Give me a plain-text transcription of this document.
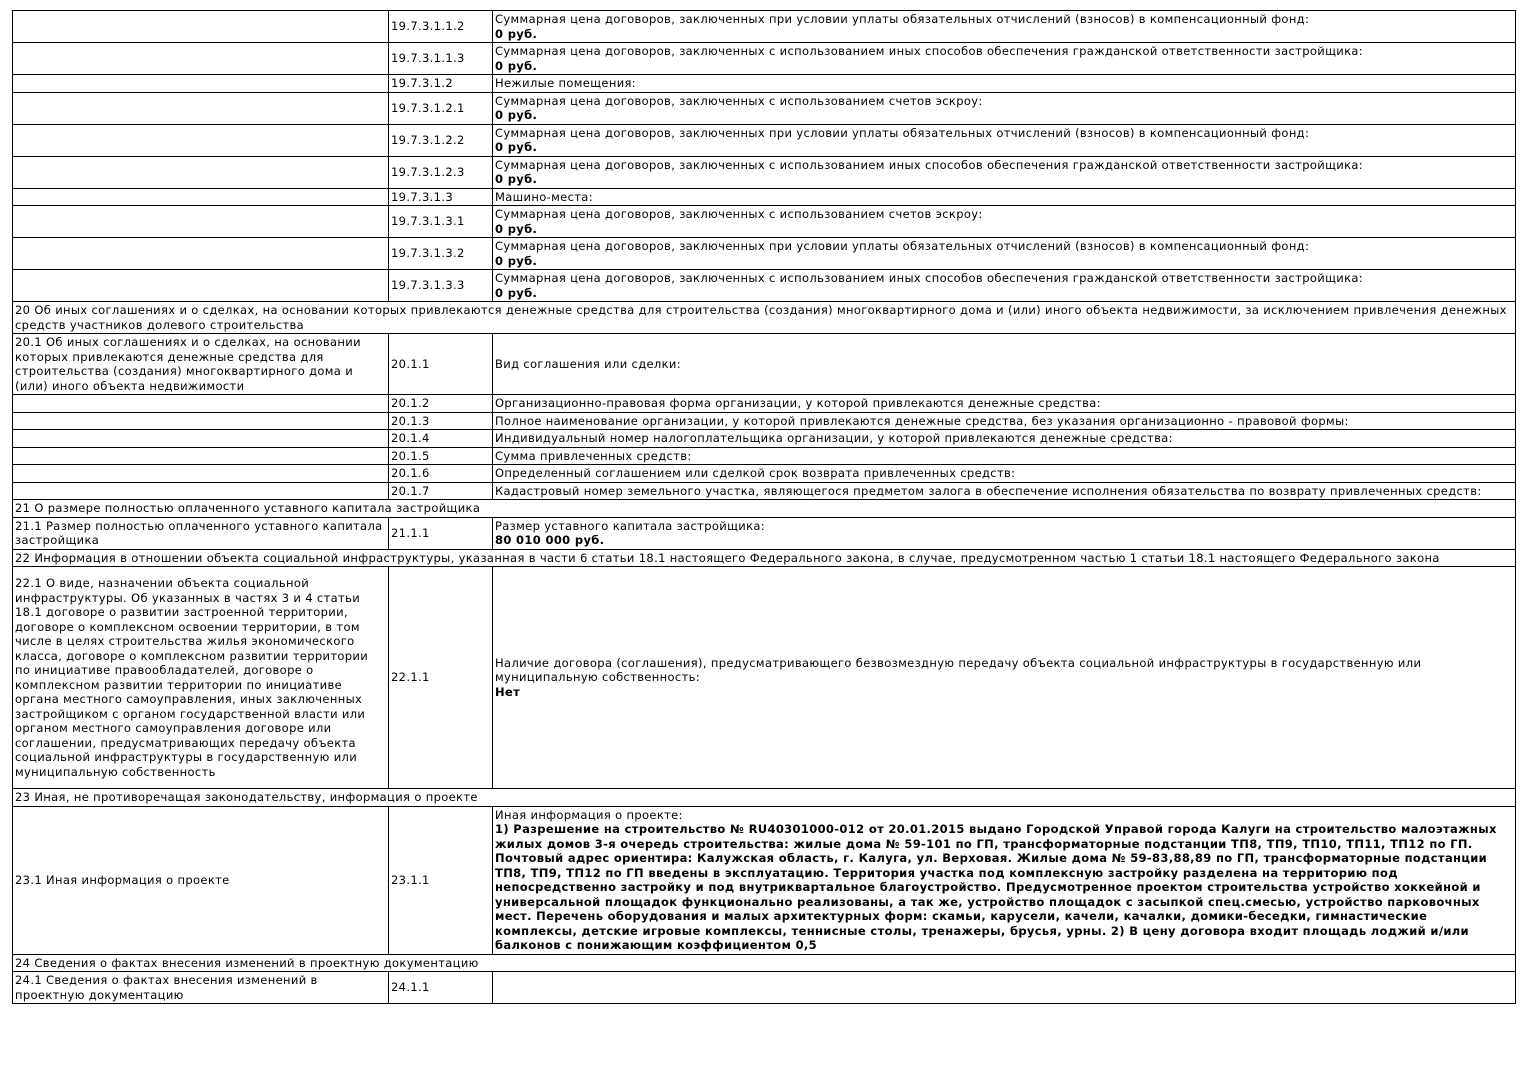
	19.7.3.1.1.2	Суммарная цена договоров, заключенных при условии уплаты обязательных отчислений (взносов) в компенсационный фонд:
0 руб.

	19.7.3.1.1.3	Суммарная цена договоров, заключенных с использованием иных способов обеспечения гражданской ответственности застройщика:
0 руб.

	19.7.3.1.2	Нежилые помещения:

	19.7.3.1.2.1	Суммарная цена договоров, заключенных с использованием счетов эскроу:
0 руб.

	19.7.3.1.2.2	Суммарная цена договоров, заключенных при условии уплаты обязательных отчислений (взносов) в компенсационный фонд:
0 руб.

	19.7.3.1.2.3	Суммарная цена договоров, заключенных с использованием иных способов обеспечения гражданской ответственности застройщика:
0 руб.

	19.7.3.1.3	Машино-места:

	19.7.3.1.3.1	Суммарная цена договоров, заключенных с использованием счетов эскроу:
0 руб.

	19.7.3.1.3.2	Суммарная цена договоров, заключенных при условии уплаты обязательных отчислений (взносов) в компенсационный фонд:
0 руб.

	19.7.3.1.3.3	Суммарная цена договоров, заключенных с использованием иных способов обеспечения гражданской ответственности застройщика:
0 руб.

20 Об иных соглашениях и о сделках, на основании которых привлекаются денежные средства для строительства (создания) многоквартирного дома и (или) иного объекта недвижимости, за исключением привлечения денежных средств участников долевого строительства		
20.1 Об иных соглашениях и о сделках, на основании которых привлекаются денежные средства для строительства (создания) многоквартирного дома и (или) иного объекта недвижимости	20.1.1	Вид соглашения или сделки:

	20.1.2	Организационно-правовая форма организации, у которой привлекаются денежные средства:

	20.1.3	Полное наименование организации, у которой привлекаются денежные средства, без указания организационно - правовой формы:

	20.1.4	Индивидуальный номер налогоплательщика организации, у которой привлекаются денежные средства:

	20.1.5	Сумма привлеченных средств:

	20.1.6	Определенный соглашением или сделкой срок возврата привлеченных средств:

	20.1.7	Кадастровый номер земельного участка, являющегося предметом залога в обеспечение исполнения обязательства по возврату привлеченных средств:

21 О размере полностью оплаченного уставного капитала застройщика		
21.1 Размер полностью оплаченного уставного капитала застройщика	21.1.1	Размер уставного капитала застройщика:
80 010 000 руб.

22 Информация в отношении объекта социальной инфраструктуры, указанная в части 6 статьи 18.1 настоящего Федерального закона, в случае, предусмотренном частью 1 статьи 18.1 настоящего Федерального закона		
22.1 О виде, назначении объекта социальной инфраструктуры. Об указанных в частях 3 и 4 статьи 18.1 договоре о развитии застроенной территории, договоре о комплексном освоении территории, в том числе в целях строительства жилья экономического класса, договоре о комплексном развитии территории по инициативе правообладателей, договоре о комплексном развитии территории по инициативе органа местного самоуправления, иных заключенных застройщиком с органом государственной власти или органом местного самоуправления договоре или соглашении, предусматривающих передачу объекта социальной инфраструктуры в государственную или муниципальную собственность	22.1.1	Наличие договора (соглашения), предусматривающего безвозмездную передачу объекта социальной инфраструктуры в государственную или муниципальную собственность:
Нет

23 Иная, не противоречащая законодательству, информация о проекте		
23.1 Иная информация о проекте	23.1.1	Иная информация о проекте:
1) Разрешение на строительство № RU40301000-012 от 20.01.2015 выдано Городской Управой города Калуги на строительство малоэтажных жилых домов 3-я очередь строительства: жилые дома № 59-101 по ГП, трансформаторные подстанции ТП8, ТП9, ТП10, ТП11, ТП12 по ГП. Почтовый адрес ориентира: Калужская область, г. Калуга, ул. Верховая. Жилые дома № 59-83,88,89 по ГП, трансформаторные подстанции ТП8, ТП9, ТП12 по ГП введены в эксплуатацию. Территория участка под комплексную застройку разделена на территорию под непосредственно застройку и под внутриквартальное благоустройство. Предусмотренное проектом строительства устройство хоккейной и универсальной площадок функционально реализованы, а так же, устройство площадок с засыпкой спец.смесью, устройство парковочных мест. Перечень оборудования и малых архитектурных форм: скамьи, карусели, качели, качалки, домики-беседки, гимнастические комплексы, детские игровые комплексы, теннисные столы, тренажеры, брусья, урны. 2) В цену договора входит площадь лоджий и/или балконов с понижающим коэффициентом 0,5

24 Сведения о фактах внесения изменений в проектную документацию		
24.1 Сведения о фактах внесения изменений в проектную документацию	24.1.1	
